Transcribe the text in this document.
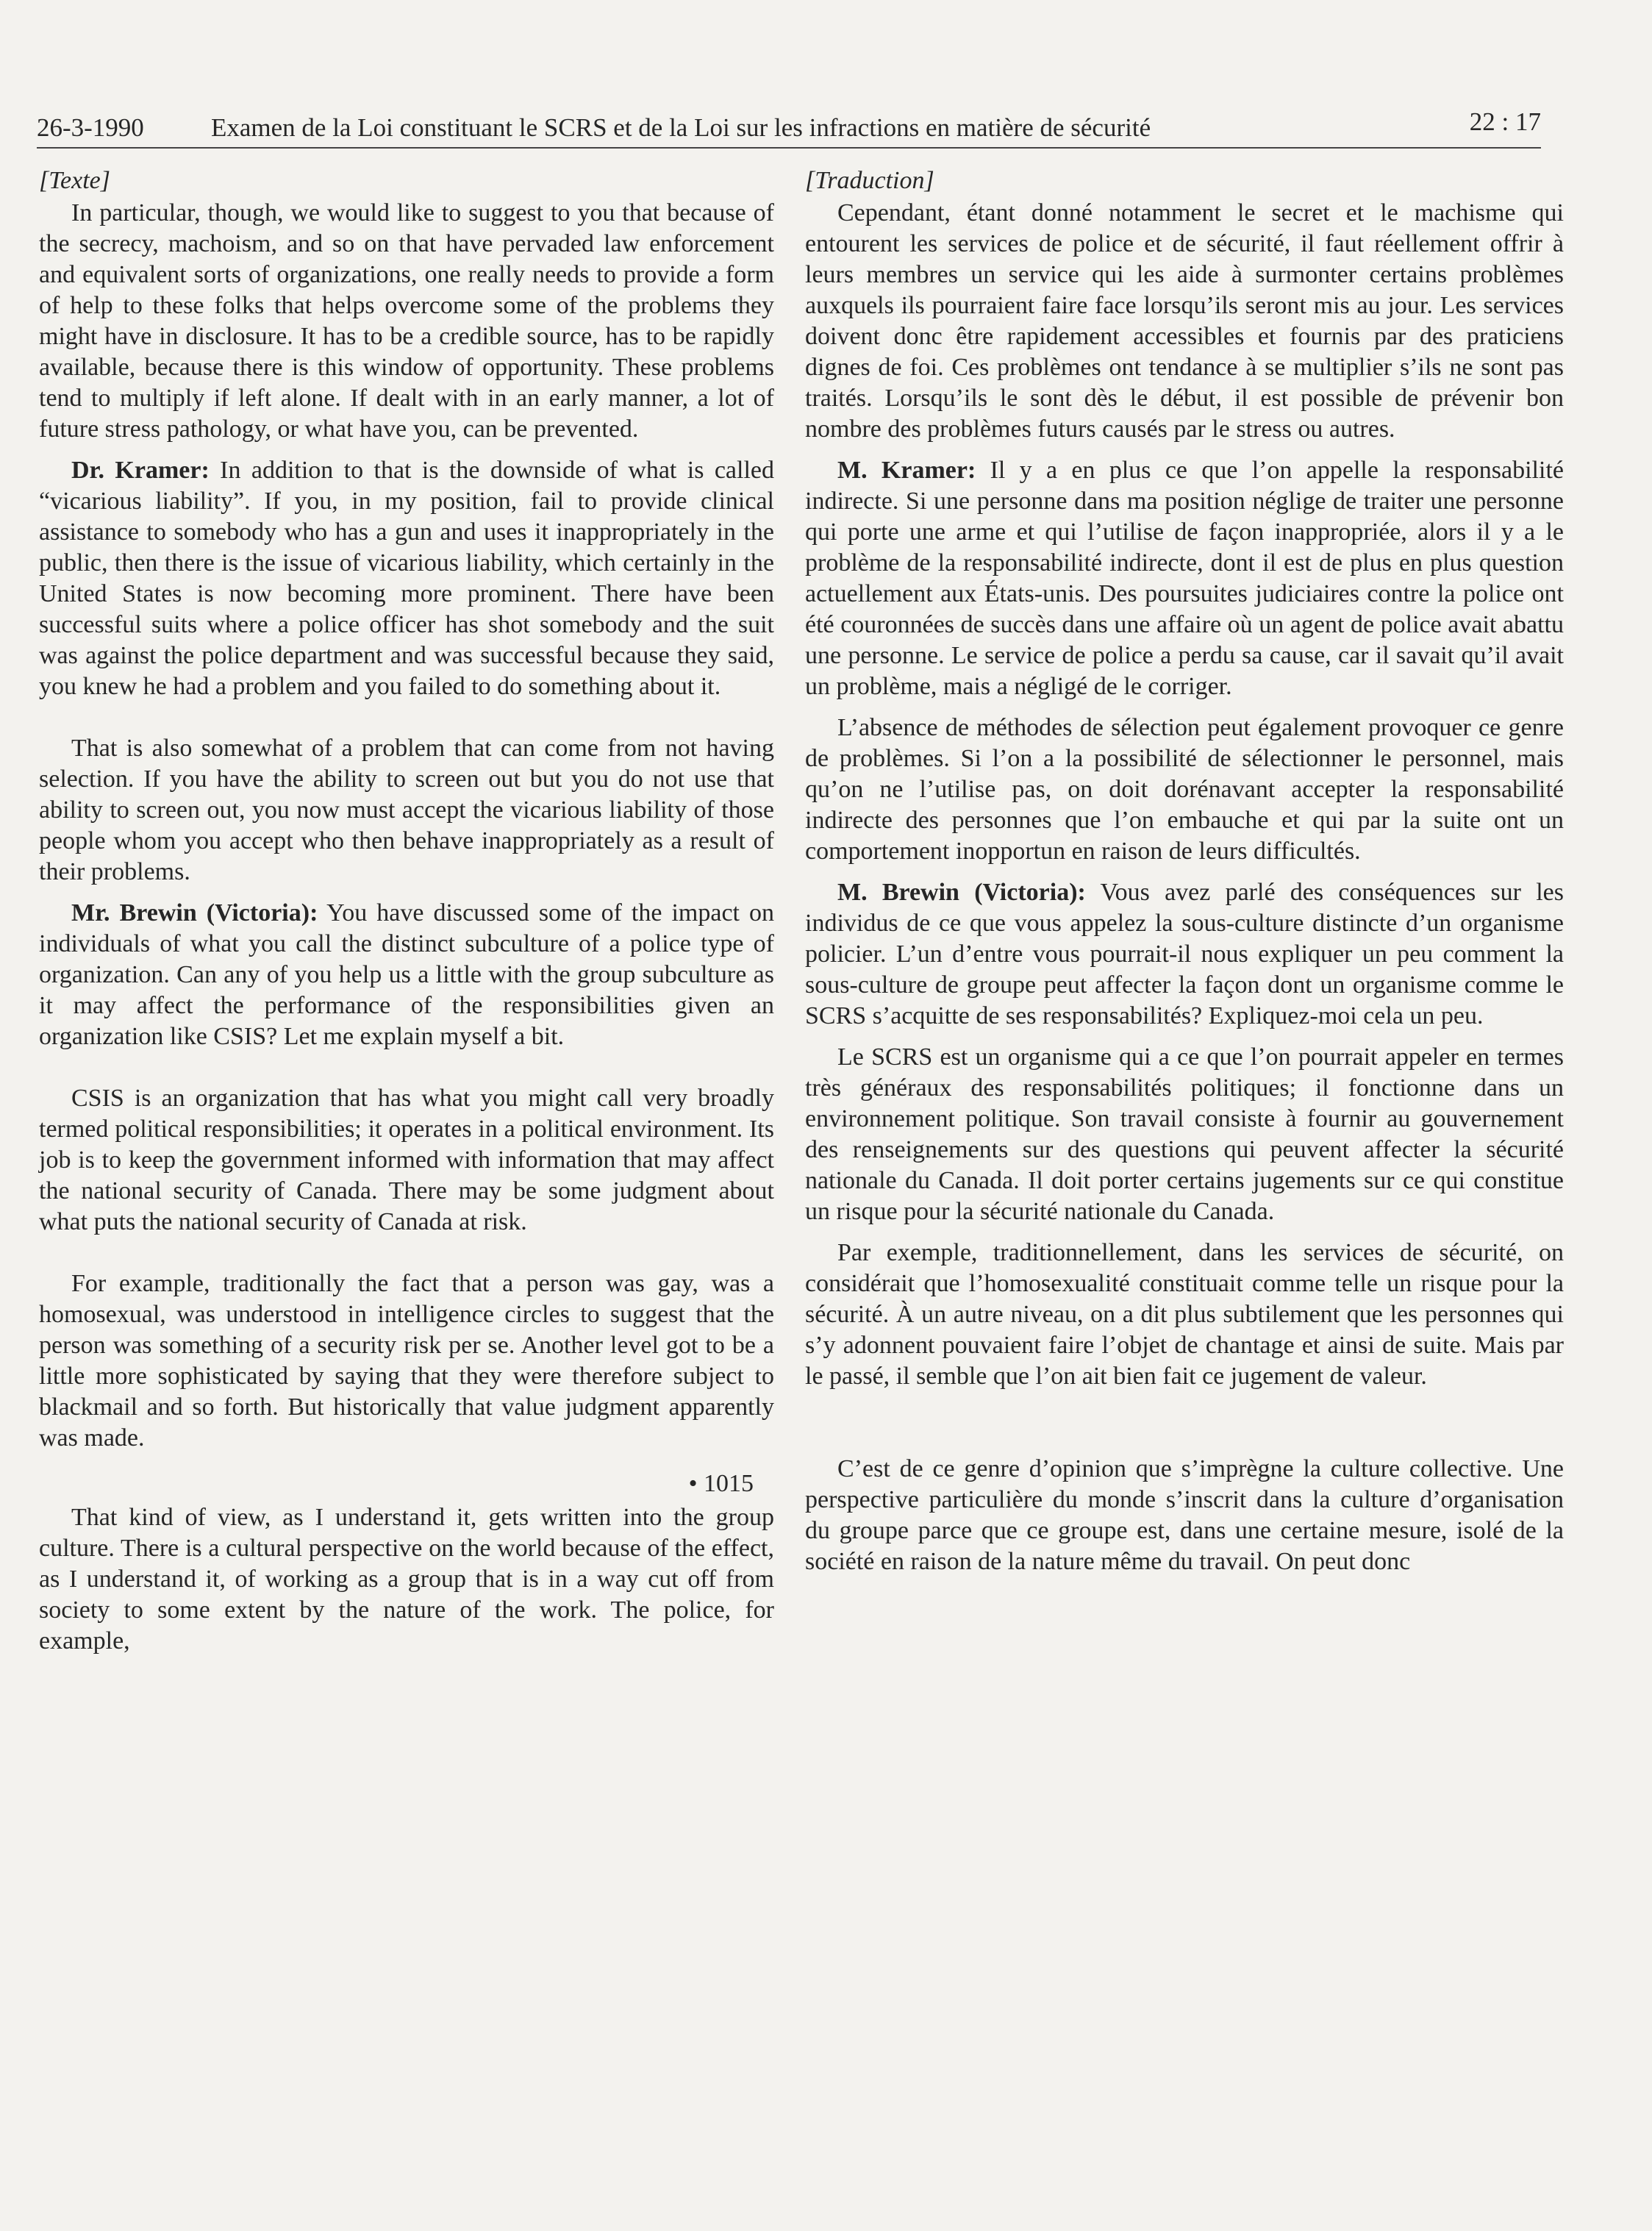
26-3-1990	Examen de la Loi constituant le SCRS et de la Loi sur les infractions en matière de sécurité	22 : 17

[Texte]

In particular, though, we would like to suggest to you that because of the secrecy, machoism, and so on that have pervaded law enforcement and equivalent sorts of organizations, one really needs to provide a form of help to these folks that helps overcome some of the problems they might have in disclosure. It has to be a credible source, has to be rapidly available, because there is this window of opportunity. These problems tend to multiply if left alone. If dealt with in an early manner, a lot of future stress pathology, or what have you, can be prevented.

Dr. Kramer: In addition to that is the downside of what is called “vicarious liability”. If you, in my position, fail to provide clinical assistance to somebody who has a gun and uses it inappropriately in the public, then there is the issue of vicarious liability, which certainly in the United States is now becoming more prominent. There have been successful suits where a police officer has shot somebody and the suit was against the police department and was successful because they said, you knew he had a problem and you failed to do something about it.

That is also somewhat of a problem that can come from not having selection. If you have the ability to screen out but you do not use that ability to screen out, you now must accept the vicarious liability of those people whom you accept who then behave inappropriately as a result of their problems.

Mr. Brewin (Victoria): You have discussed some of the impact on individuals of what you call the distinct subculture of a police type of organization. Can any of you help us a little with the group subculture as it may affect the performance of the responsibilities given an organization like CSIS? Let me explain myself a bit.

CSIS is an organization that has what you might call very broadly termed political responsibilities; it operates in a political environment. Its job is to keep the government informed with information that may affect the national security of Canada. There may be some judgment about what puts the national security of Canada at risk.

For example, traditionally the fact that a person was gay, was a homosexual, was understood in intelligence circles to suggest that the person was something of a security risk per se. Another level got to be a little more sophisticated by saying that they were therefore subject to blackmail and so forth. But historically that value judgment apparently was made.

• 1015

That kind of view, as I understand it, gets written into the group culture. There is a cultural perspective on the world because of the effect, as I understand it, of working as a group that is in a way cut off from society to some extent by the nature of the work. The police, for example,

[Traduction]

Cependant, étant donné notamment le secret et le machisme qui entourent les services de police et de sécurité, il faut réellement offrir à leurs membres un service qui les aide à surmonter certains problèmes auxquels ils pourraient faire face lorsqu’ils seront mis au jour. Les services doivent donc être rapidement accessibles et fournis par des praticiens dignes de foi. Ces problèmes ont tendance à se multiplier s’ils ne sont pas traités. Lorsqu’ils le sont dès le début, il est possible de prévenir bon nombre des problèmes futurs causés par le stress ou autres.

M. Kramer: Il y a en plus ce que l’on appelle la responsabilité indirecte. Si une personne dans ma position néglige de traiter une personne qui porte une arme et qui l’utilise de façon inappropriée, alors il y a le problème de la responsabilité indirecte, dont il est de plus en plus question actuellement aux États-unis. Des poursuites judiciaires contre la police ont été couronnées de succès dans une affaire où un agent de police avait abattu une personne. Le service de police a perdu sa cause, car il savait qu’il avait un problème, mais a négligé de le corriger.

L’absence de méthodes de sélection peut également provoquer ce genre de problèmes. Si l’on a la possibilité de sélectionner le personnel, mais qu’on ne l’utilise pas, on doit dorénavant accepter la responsabilité indirecte des personnes que l’on embauche et qui par la suite ont un comportement inopportun en raison de leurs difficultés.

M. Brewin (Victoria): Vous avez parlé des conséquences sur les individus de ce que vous appelez la sous-culture distincte d’un organisme policier. L’un d’entre vous pourrait-il nous expliquer un peu comment la sous-culture de groupe peut affecter la façon dont un organisme comme le SCRS s’acquitte de ses responsabilités? Expliquez-moi cela un peu.

Le SCRS est un organisme qui a ce que l’on pourrait appeler en termes très généraux des responsabilités politiques; il fonctionne dans un environnement politique. Son travail consiste à fournir au gouvernement des renseignements sur des questions qui peuvent affecter la sécurité nationale du Canada. Il doit porter certains jugements sur ce qui constitue un risque pour la sécurité nationale du Canada.

Par exemple, traditionnellement, dans les services de sécurité, on considérait que l’homosexualité constituait comme telle un risque pour la sécurité. À un autre niveau, on a dit plus subtilement que les personnes qui s’y adonnent pouvaient faire l’objet de chantage et ainsi de suite. Mais par le passé, il semble que l’on ait bien fait ce jugement de valeur.

C’est de ce genre d’opinion que s’imprègne la culture collective. Une perspective particulière du monde s’inscrit dans la culture d’organisation du groupe parce que ce groupe est, dans une certaine mesure, isolé de la société en raison de la nature même du travail. On peut donc
